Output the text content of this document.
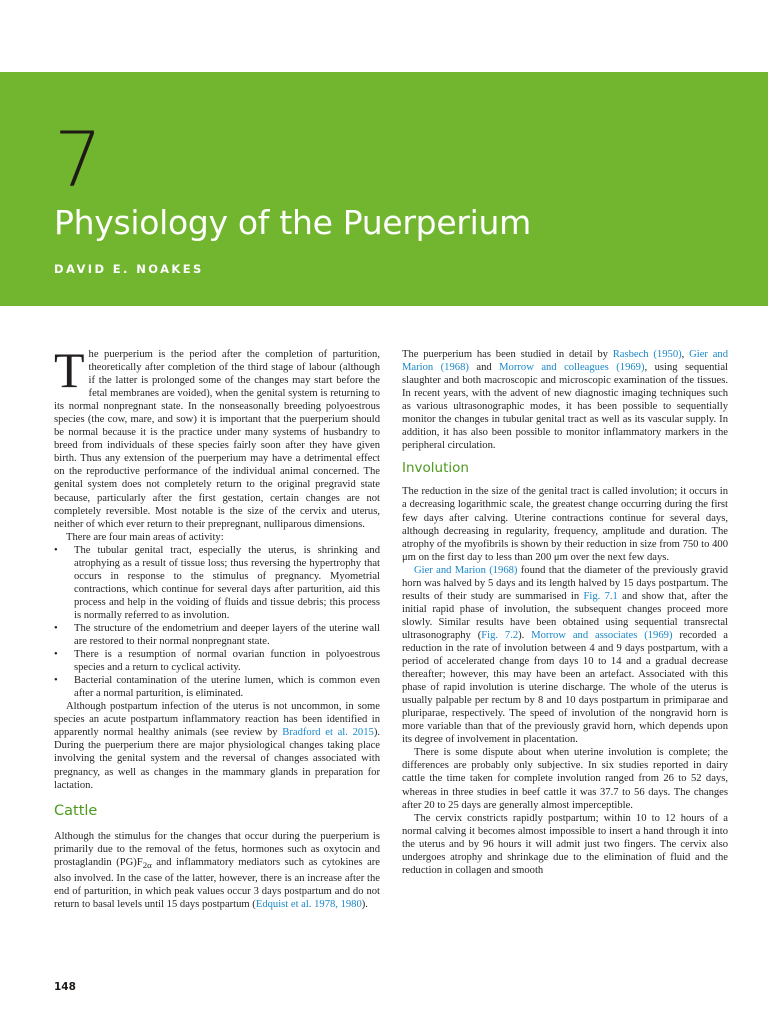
7
Physiology of the Puerperium
DAVID E. NOAKES

The puerperium is the period after the completion of parturition, theoretically after completion of the third stage of labour (although if the latter is prolonged some of the changes may start before the fetal membranes are voided), when the genital system is returning to its normal nonpregnant state. In the nonseasonally breeding polyoestrous species (the cow, mare, and sow) it is important that the puerperium should be normal because it is the practice under many systems of husbandry to breed from individuals of these species fairly soon after they have given birth. Thus any extension of the puerperium may have a detrimental effect on the reproductive performance of the individual animal concerned. The genital system does not completely return to the original pregravid state because, particularly after the first gestation, certain changes are not completely reversible. Most notable is the size of the cervix and uterus, neither of which ever return to their prepregnant, nulliparous dimensions.

There are four main areas of activity:

• The tubular genital tract, especially the uterus, is shrinking and atrophying as a result of tissue loss; thus reversing the hypertrophy that occurs in response to the stimulus of pregnancy. Myometrial contractions, which continue for several days after parturition, aid this process and help in the voiding of fluids and tissue debris; this process is normally referred to as involution.
• The structure of the endometrium and deeper layers of the uterine wall are restored to their normal nonpregnant state.
• There is a resumption of normal ovarian function in polyoestrous species and a return to cyclical activity.
• Bacterial contamination of the uterine lumen, which is common even after a normal parturition, is eliminated.

Although postpartum infection of the uterus is not uncommon, in some species an acute postpartum inflammatory reaction has been identified in apparently normal healthy animals (see review by Bradford et al. 2015). During the puerperium there are major physiological changes taking place involving the genital system and the reversal of changes associated with pregnancy, as well as changes in the mammary glands in preparation for lactation.

Cattle

Although the stimulus for the changes that occur during the puerperium is primarily due to the removal of the fetus, hormones such as oxytocin and prostaglandin $(PG)F_{2\alpha}$ and inflammatory mediators such as cytokines are also involved. In the case of the latter, however, there is an increase after the end of parturition, in which peak values occur 3 days postpartum and do not return to basal levels until 15 days postpartum (Edquist et al. 1978, 1980).

The puerperium has been studied in detail by Rasbech (1950), Gier and Marion (1968) and Morrow and colleagues (1969), using sequential slaughter and both macroscopic and microscopic examination of the tissues. In recent years, with the advent of new diagnostic imaging techniques such as various ultrasonographic modes, it has been possible to sequentially monitor the changes in tubular genital tract as well as its vascular supply. In addition, it has also been possible to monitor inflammatory markers in the peripheral circulation.

Involution

The reduction in the size of the genital tract is called involution; it occurs in a decreasing logarithmic scale, the greatest change occurring during the first few days after calving. Uterine contractions continue for several days, although decreasing in regularity, frequency, amplitude and duration. The atrophy of the myofibrils is shown by their reduction in size from 750 to 400 μm on the first day to less than 200 μm over the next few days.

Gier and Marion (1968) found that the diameter of the previously gravid horn was halved by 5 days and its length halved by 15 days postpartum. The results of their study are summarised in Fig. 7.1 and show that, after the initial rapid phase of involution, the subsequent changes proceed more slowly. Similar results have been obtained using sequential transrectal ultrasonography (Fig. 7.2). Morrow and associates (1969) recorded a reduction in the rate of involution between 4 and 9 days postpartum, with a period of accelerated change from days 10 to 14 and a gradual decrease thereafter; however, this may have been an artefact. Associated with this phase of rapid involution is uterine discharge. The whole of the uterus is usually palpable per rectum by 8 and 10 days postpartum in primiparae and pluriparae, respectively. The speed of involution of the nongravid horn is more variable than that of the previously gravid horn, which depends upon its degree of involvement in placentation.

There is some dispute about when uterine involution is complete; the differences are probably only subjective. In six studies reported in dairy cattle the time taken for complete involution ranged from 26 to 52 days, whereas in three studies in beef cattle it was 37.7 to 56 days. The changes after 20 to 25 days are generally almost imperceptible.

The cervix constricts rapidly postpartum; within 10 to 12 hours of a normal calving it becomes almost impossible to insert a hand through it into the uterus and by 96 hours it will admit just two fingers. The cervix also undergoes atrophy and shrinkage due to the elimination of fluid and the reduction in collagen and smooth

148
